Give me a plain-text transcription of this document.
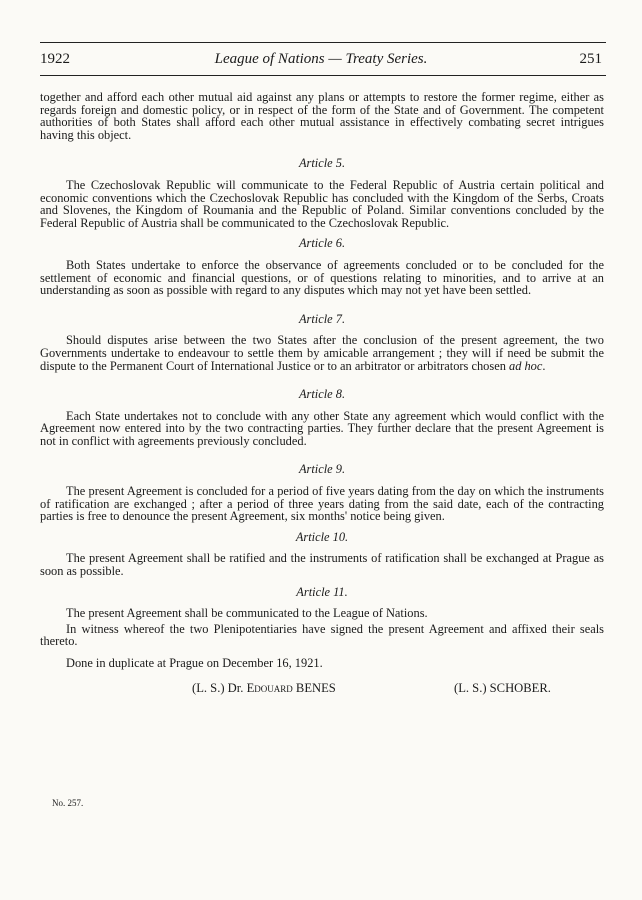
1922	League of Nations — Treaty Series.	251

together and afford each other mutual aid against any plans or attempts to restore the former regime, either as regards foreign and domestic policy, or in respect of the form of the State and of Government. The competent authorities of both States shall afford each other mutual assistance in effectively combating secret intrigues having this object.

Article 5.

The Czechoslovak Republic will communicate to the Federal Republic of Austria certain political and economic conventions which the Czechoslovak Republic has concluded with the Kingdom of the Serbs, Croats and Slovenes, the Kingdom of Roumania and the Republic of Poland. Similar conventions concluded by the Federal Republic of Austria shall be communicated to the Czechoslovak Republic.

Article 6.

Both States undertake to enforce the observance of agreements concluded or to be concluded for the settlement of economic and financial questions, or of questions relating to minorities, and to arrive at an understanding as soon as possible with regard to any disputes which may not yet have been settled.

Article 7.

Should disputes arise between the two States after the conclusion of the present agreement, the two Governments undertake to endeavour to settle them by amicable arrangement ; they will if need be submit the dispute to the Permanent Court of International Justice or to an arbitrator or arbitrators chosen ad hoc.

Article 8.

Each State undertakes not to conclude with any other State any agreement which would conflict with the Agreement now entered into by the two contracting parties. They further declare that the present Agreement is not in conflict with agreements previously concluded.

Article 9.

The present Agreement is concluded for a period of five years dating from the day on which the instruments of ratification are exchanged ; after a period of three years dating from the said date, each of the contracting parties is free to denounce the present Agreement, six months' notice being given.

Article 10.

The present Agreement shall be ratified and the instruments of ratification shall be exchanged at Prague as soon as possible.

Article 11.

The present Agreement shall be communicated to the League of Nations.

In witness whereof the two Plenipotentiaries have signed the present Agreement and affixed their seals thereto.

Done in duplicate at Prague on December 16, 1921.

(L. S.) Dr. Edouard BENES	(L. S.) SCHOBER.
No. 257.
